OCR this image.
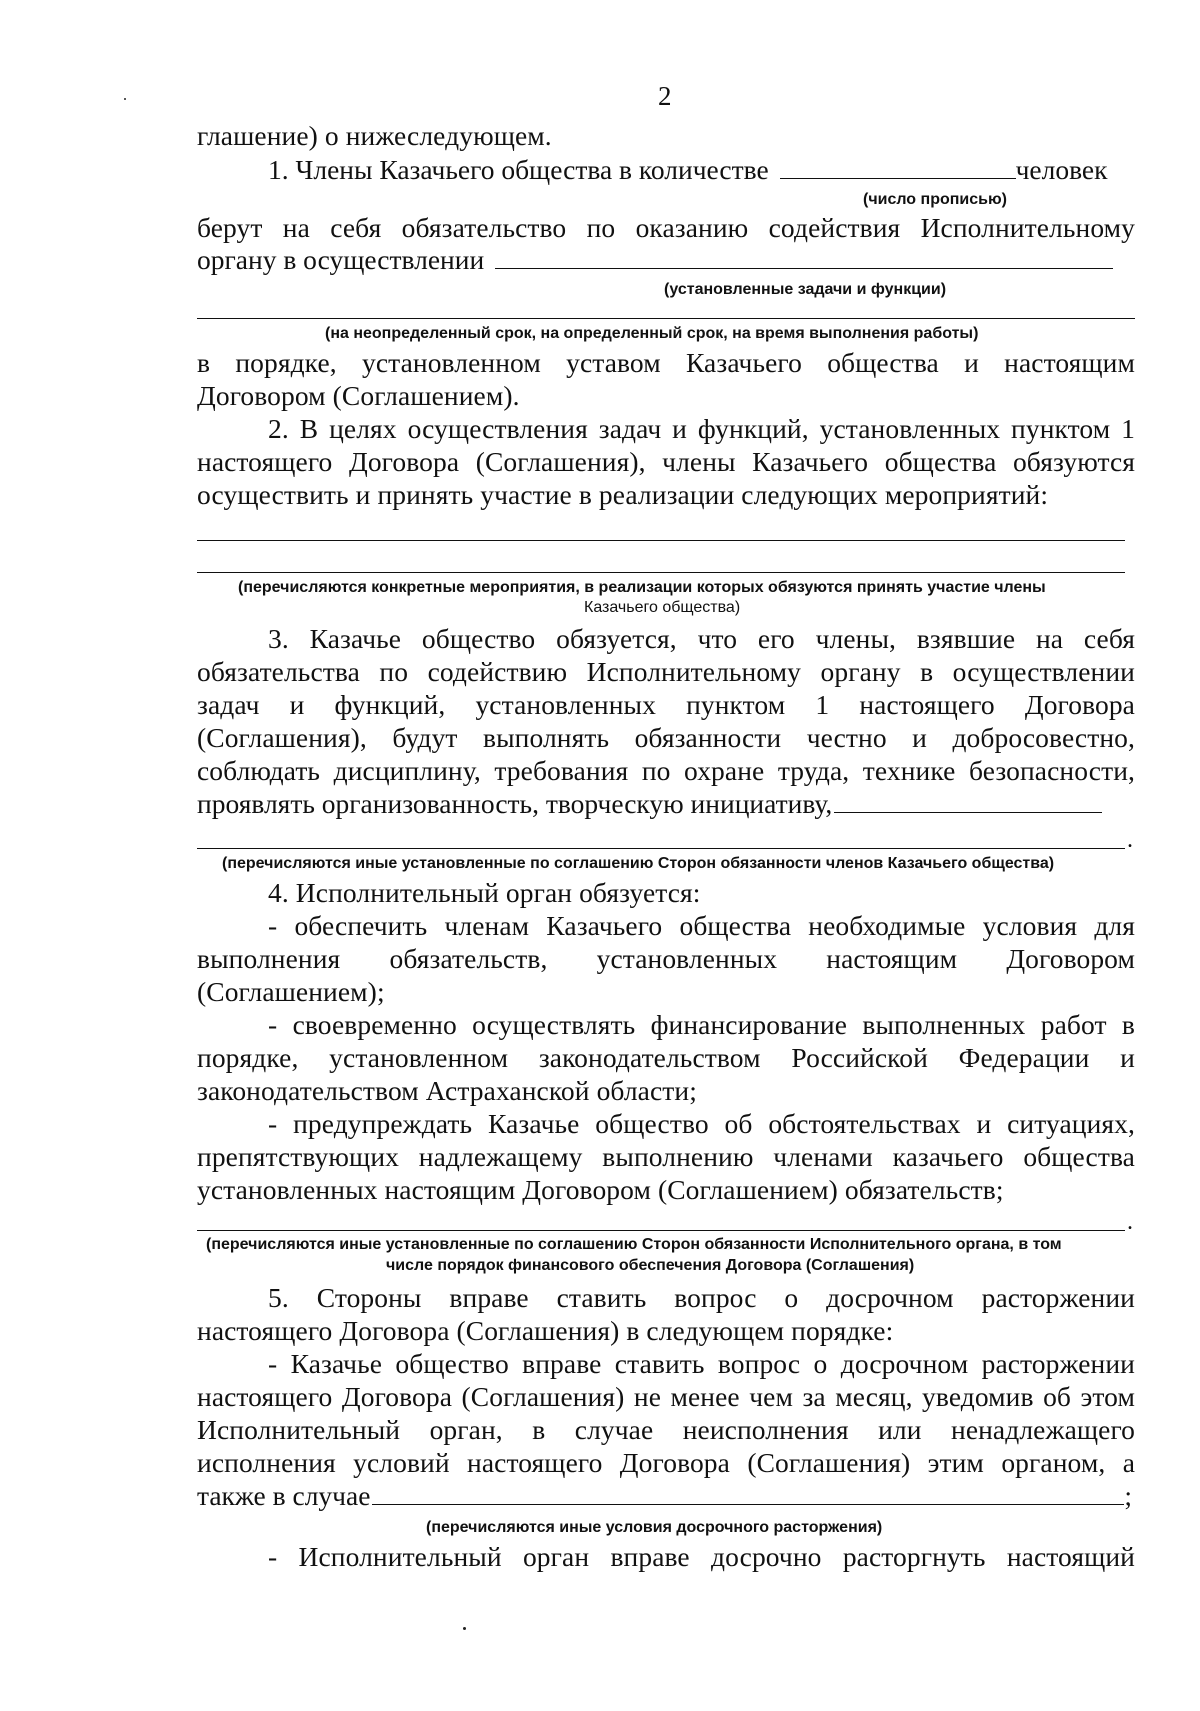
2
глашение) о нижеследующем.
1. Члены Казачьего общества в количестве	человек
(число прописью)
берут на себя обязательство по оказанию содействия Исполнительному
органу в осуществлении
(установленные задачи и функции)
(на неопределенный срок, на определенный срок, на время выполнения работы)
в порядке, установленном уставом Казачьего общества и настоящим
Договором (Соглашением).
2. В целях осуществления задач и функций, установленных пунктом 1
настоящего Договора (Соглашения), члены Казачьего общества обязуются
осуществить и принять участие в реализации следующих мероприятий:
(перечисляются конкретные мероприятия, в реализации которых обязуются принять участие члены
Казачьего общества)
3. Казачье общество обязуется, что его члены, взявшие на себя
обязательства по содействию Исполнительному органу в осуществлении
задач и функций, установленных пунктом 1 настоящего Договора
(Соглашения), будут выполнять обязанности честно и добросовестно,
соблюдать дисциплину, требования по охране труда, технике безопасности,
проявлять организованность, творческую инициативу,
.
(перечисляются иные установленные по соглашению Сторон обязанности членов Казачьего общества)
4. Исполнительный орган обязуется:
- обеспечить членам Казачьего общества необходимые условия для
выполнения обязательств, установленных настоящим Договором
(Соглашением);
- своевременно осуществлять финансирование выполненных работ в
порядке, установленном законодательством Российской Федерации и
законодательством Астраханской области;
- предупреждать Казачье общество об обстоятельствах и ситуациях,
препятствующих надлежащему выполнению членами казачьего общества
установленных настоящим Договором (Соглашением) обязательств;
.
(перечисляются иные установленные по соглашению Сторон обязанности Исполнительного органа, в том
числе порядок финансового обеспечения Договора (Соглашения)
5. Стороны вправе ставить вопрос о досрочном расторжении
настоящего Договора (Соглашения) в следующем порядке:
- Казачье общество вправе ставить вопрос о досрочном расторжении
настоящего Договора (Соглашения) не менее чем за месяц, уведомив об этом
Исполнительный орган, в случае неисполнения или ненадлежащего
исполнения условий настоящего Договора (Соглашения) этим органом, а
также в случае	;
(перечисляются иные условия досрочного расторжения)
- Исполнительный орган вправе досрочно расторгнуть настоящий
